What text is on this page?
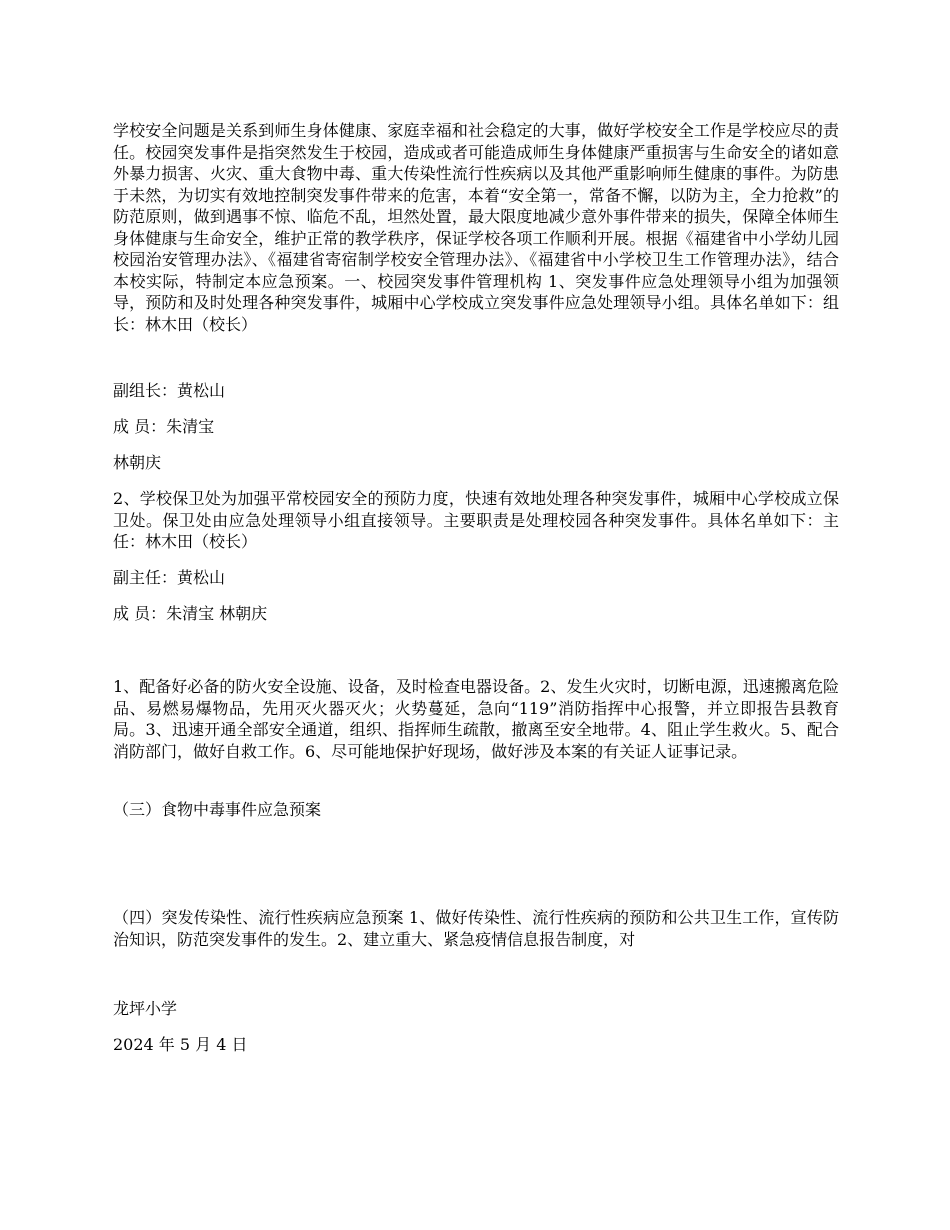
学校安全问题是关系到师生身体健康、家庭幸福和社会稳定的大事，做好学校安全工作是学校应尽的责任。校园突发事件是指突然发生于校园，造成或者可能造成师生身体健康严重损害与生命安全的诸如意外暴力损害、火灾、重大食物中毒、重大传染性流行性疾病以及其他严重影响师生健康的事件。为防患于未然，为切实有效地控制突发事件带来的危害，本着“安全第一，常备不懈，以防为主，全力抢救”的防范原则，做到遇事不惊、临危不乱，坦然处置，最大限度地减少意外事件带来的损失，保障全体师生身体健康与生命安全，维护正常的教学秩序，保证学校各项工作顺利开展。根据《福建省中小学幼儿园校园治安管理办法》、《福建省寄宿制学校安全管理办法》、《福建省中小学校卫生工作管理办法》，结合本校实际，特制定本应急预案。一、校园突发事件管理机构 1、突发事件应急处理领导小组为加强领导，预防和及时处理各种突发事件，城厢中心学校成立突发事件应急处理领导小组。具体名单如下：组 长：林木田（校长）

副组长：黄松山

成 员：朱清宝

林朝庆

2、学校保卫处为加强平常校园安全的预防力度，快速有效地处理各种突发事件，城厢中心学校成立保卫处。保卫处由应急处理领导小组直接领导。主要职责是处理校园各种突发事件。具体名单如下：主 任：林木田（校长）

副主任：黄松山

成 员：朱清宝 林朝庆

1、配备好必备的防火安全设施、设备，及时检查电器设备。2、发生火灾时，切断电源，迅速搬离危险品、易燃易爆物品，先用灭火器灭火；火势蔓延，急向“119”消防指挥中心报警，并立即报告县教育局。3、迅速开通全部安全通道，组织、指挥师生疏散，撤离至安全地带。4、阻止学生救火。5、配合消防部门，做好自救工作。6、尽可能地保护好现场，做好涉及本案的有关证人证事记录。

（三）食物中毒事件应急预案

（四）突发传染性、流行性疾病应急预案 1、做好传染性、流行性疾病的预防和公共卫生工作，宣传防治知识，防范突发事件的发生。2、建立重大、紧急疫情信息报告制度，对

龙坪小学

2024 年 5 月 4 日
